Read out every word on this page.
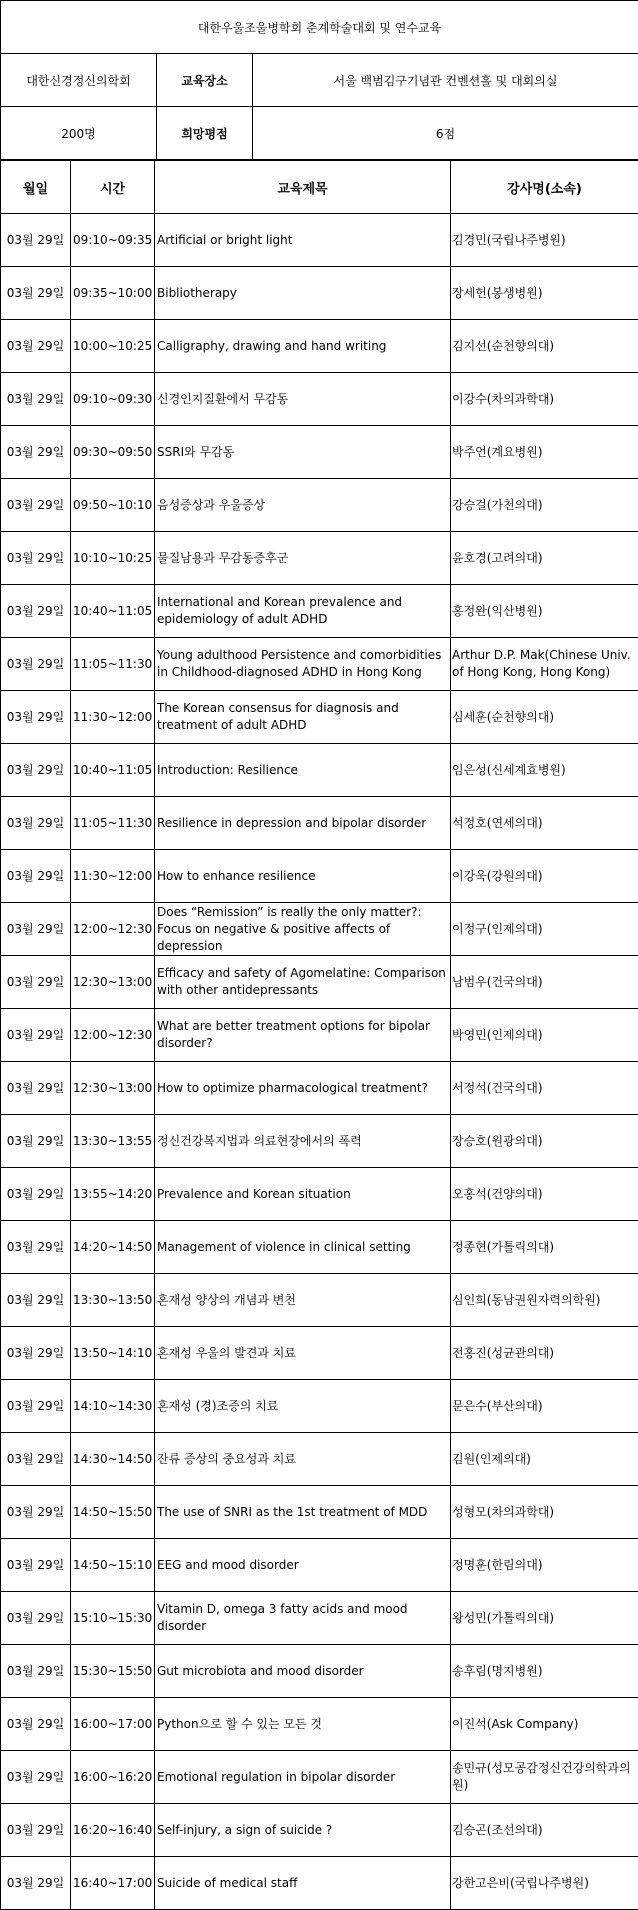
대한우울조울병학회 춘계학술대회 및 연수교육		
대한신경정신의학회	교육장소	서울 백범김구기념관 컨벤션홀 및 대회의실
200명	희망평점	6점
월일	시간	교육제목	강사명(소속)
03월 29일	09:10~09:35	Artificial or bright light	김경민(국립나주병원)
03월 29일	09:35~10:00	Bibliotherapy	장세헌(봉생병원)
03월 29일	10:00~10:25	Calligraphy, drawing and hand writing	김지선(순천향의대)
03월 29일	09:10~09:30	신경인지질환에서 무감동	이강수(차의과학대)
03월 29일	09:30~09:50	SSRI와 무감동	박주언(계요병원)
03월 29일	09:50~10:10	음성증상과 우울증상	강승걸(가천의대)
03월 29일	10:10~10:25	물질남용과 무감동증후군	윤호경(고려의대)
03월 29일	10:40~11:05	International and Korean prevalence and epidemiology of adult ADHD	홍정완(익산병원)
03월 29일	11:05~11:30	Young adulthood Persistence and comorbidities in Childhood-diagnosed ADHD in Hong Kong	Arthur D.P. Mak(Chinese Univ. of Hong Kong, Hong Kong)
03월 29일	11:30~12:00	The Korean consensus for diagnosis and treatment of adult ADHD	심세훈(순천향의대)
03월 29일	10:40~11:05	Introduction: Resilience	임은성(신세계효병원)
03월 29일	11:05~11:30	Resilience in depression and bipolar disorder	석정호(연세의대)
03월 29일	11:30~12:00	How to enhance resilience	이강욱(강원의대)
03월 29일	12:00~12:30	Does “Remission” is really the only matter?: Focus on negative & positive affects of depression	이정구(인제의대)
03월 29일	12:30~13:00	Efficacy and safety of Agomelatine: Comparison with other antidepressants	남범우(건국의대)
03월 29일	12:00~12:30	What are better treatment options for bipolar disorder?	박영민(인제의대)
03월 29일	12:30~13:00	How to optimize pharmacological treatment?	서정석(건국의대)
03월 29일	13:30~13:55	정신건강복지법과 의료현장에서의 폭력	장승호(원광의대)
03월 29일	13:55~14:20	Prevalence and Korean situation	오홍석(건양의대)
03월 29일	14:20~14:50	Management of violence in clinical setting	정종현(가톨릭의대)
03월 29일	13:30~13:50	혼재성 양상의 개념과 변천	심인희(동남권원자력의학원)
03월 29일	13:50~14:10	혼재성 우울의 발견과 치료	전홍진(성균관의대)
03월 29일	14:10~14:30	혼재성 (경)조증의 치료	문은수(부산의대)
03월 29일	14:30~14:50	잔류 증상의 중요성과 치료	김원(인제의대)
03월 29일	14:50~15:50	The use of SNRI as the 1st treatment of MDD	성형모(차의과학대)
03월 29일	14:50~15:10	EEG and mood disorder	정명훈(한림의대)
03월 29일	15:10~15:30	Vitamin D, omega 3 fatty acids and mood disorder	왕성민(가톨릭의대)
03월 29일	15:30~15:50	Gut microbiota and mood disorder	송후림(명지병원)
03월 29일	16:00~17:00	Python으로 할 수 있는 모든 것	이진석(Ask Company)
03월 29일	16:00~16:20	Emotional regulation in bipolar disorder	송민규(성모공감정신건강의학과의원)
03월 29일	16:20~16:40	Self-injury, a sign of suicide ?	김승곤(조선의대)
03월 29일	16:40~17:00	Suicide of medical staff	강한고은비(국립나주병원)
